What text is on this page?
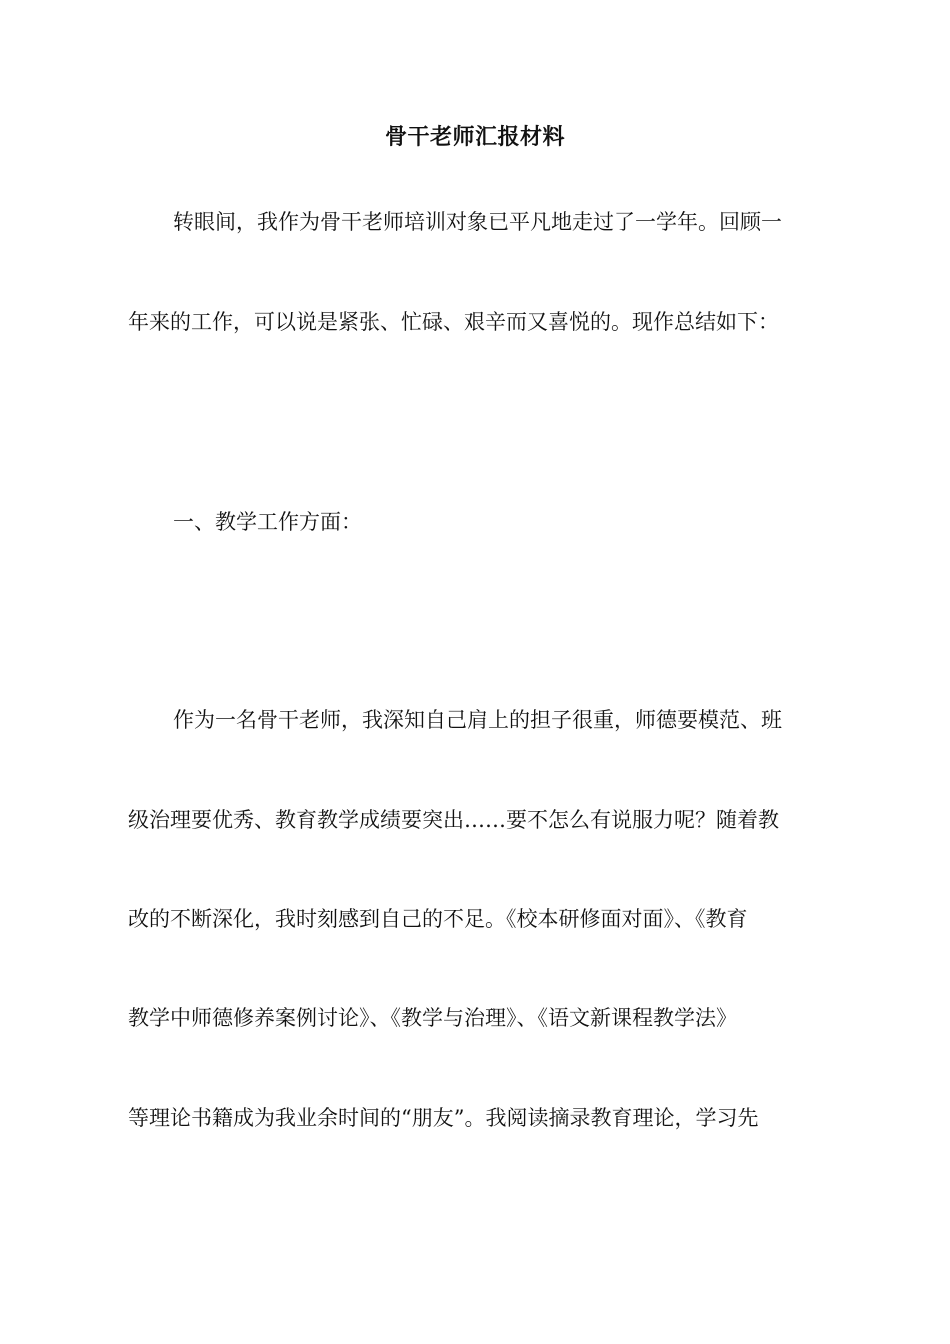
骨干老师汇报材料
转眼间，我作为骨干老师培训对象已平凡地走过了一学年。回顾一
年来的工作，可以说是紧张、忙碌、艰辛而又喜悦的。现作总结如下：
一、教学工作方面：
作为一名骨干老师，我深知自己肩上的担子很重，师德要模范、班
级治理要优秀、教育教学成绩要突出……要不怎么有说服力呢？随着教
改的不断深化，我时刻感到自己的不足。《校本研修面对面》、《教育
教学中师德修养案例讨论》、《教学与治理》、《语文新课程教学法》
等理论书籍成为我业余时间的“朋友”。我阅读摘录教育理论，学习先
